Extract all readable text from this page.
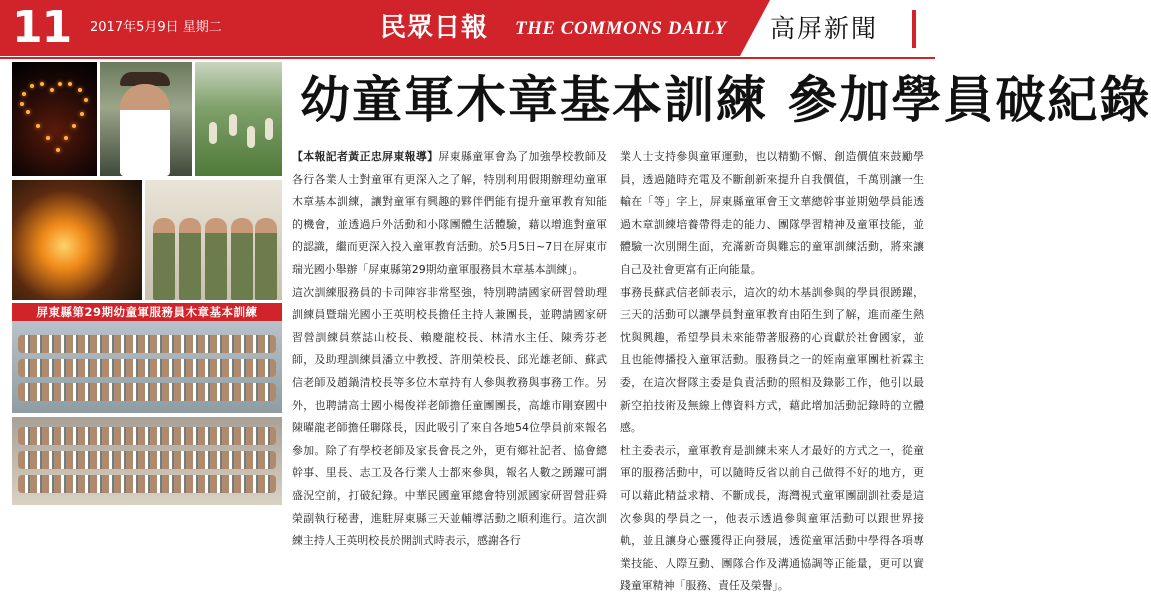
11 2017年5月9日 星期二	民眾日報 THE COMMONS DAILY 高屏新聞
屏東縣第29期幼童軍服務員木章基本訓練
幼童軍木章基本訓練 參加學員破紀錄

【本報記者黃正忠屏東報導】屏東縣童軍會為了加強學校教師及各行各業人士對童軍有更深入之了解，特別利用假期辦理幼童軍木章基本訓練，讓對童軍有興趣的夥伴們能有提升童軍教育知能的機會，並透過戶外活動和小隊團體生活體驗，藉以增進對童軍的認識，繼而更深入投入童軍教育活動。於5月5日~7日在屏東市瑞光國小舉辦「屏東縣第29期幼童軍服務員木章基本訓練」。

這次訓練服務員的卡司陣容非常堅強，特別聘請國家研習營助理訓練員暨瑞光國小王英明校長擔任主持人兼團長，並聘請國家研習營訓練員蔡誌山校長、賴慶龍校長、林清水主任、陳秀芬老師，及助理訓練員潘立中教授、許朋榮校長、邱光雄老師、蘇武信老師及趙鍋清校長等多位木章持有人參與教務與事務工作。另外，也聘請高士國小楊俊祥老師擔任童團團長，高雄市剛寮國中陳曜龍老師擔任聯隊長，因此吸引了來自各地54位學員前來報名參加。除了有學校老師及家長會長之外，更有鄉社記者、協會總幹事、里長、志工及各行業人士都來參與，報名人數之踴躍可謂盛況空前，打破紀錄。中華民國童軍總會特別派國家研習營莊舜榮副執行秘書，進駐屏東縣三天並輔導活動之順利進行。這次訓練主持人王英明校長於開訓式時表示，感謝各行

業人士支持參與童軍運動，也以精勤不懈、創造價值來鼓勵學員，透過隨時充電及不斷創新來提升自我價值，千萬別讓一生輸在「等」字上，屏東縣童軍會王文華總幹事並期勉學員能透過木章訓練培養帶得走的能力、團隊學習精神及童軍技能，並體驗一次別開生面，充滿新奇與難忘的童軍訓練活動，將來讓自己及社會更富有正向能量。

事務長蘇武信老師表示，這次的幼木基訓參與的學員很踴躍，三天的活動可以讓學員對童軍教育由陌生到了解，進而產生熱忱與興趣，希望學員未來能帶著服務的心貢獻於社會國家，並且也能傳播投入童軍活動。服務員之一的姪南童軍團杜祈霖主委，在這次督隊主委是負責活動的照相及錄影工作，他引以最新空拍技術及無線上傳資料方式，藉此增加活動記錄時的立體感。

杜主委表示，童軍教育是訓練未來人才最好的方式之一，從童軍的服務活動中，可以隨時反省以前自己做得不好的地方，更可以藉此精益求精、不斷成長，海灣視式童軍團副訓社委是這次參與的學員之一，他表示透過參與童軍活動可以跟世界接軌，並且讓身心靈獲得正向發展，透從童軍活動中學得各項專業技能、人際互動、團隊合作及溝通協調等正能量，更可以實踐童軍精神「服務、責任及榮譽」。
